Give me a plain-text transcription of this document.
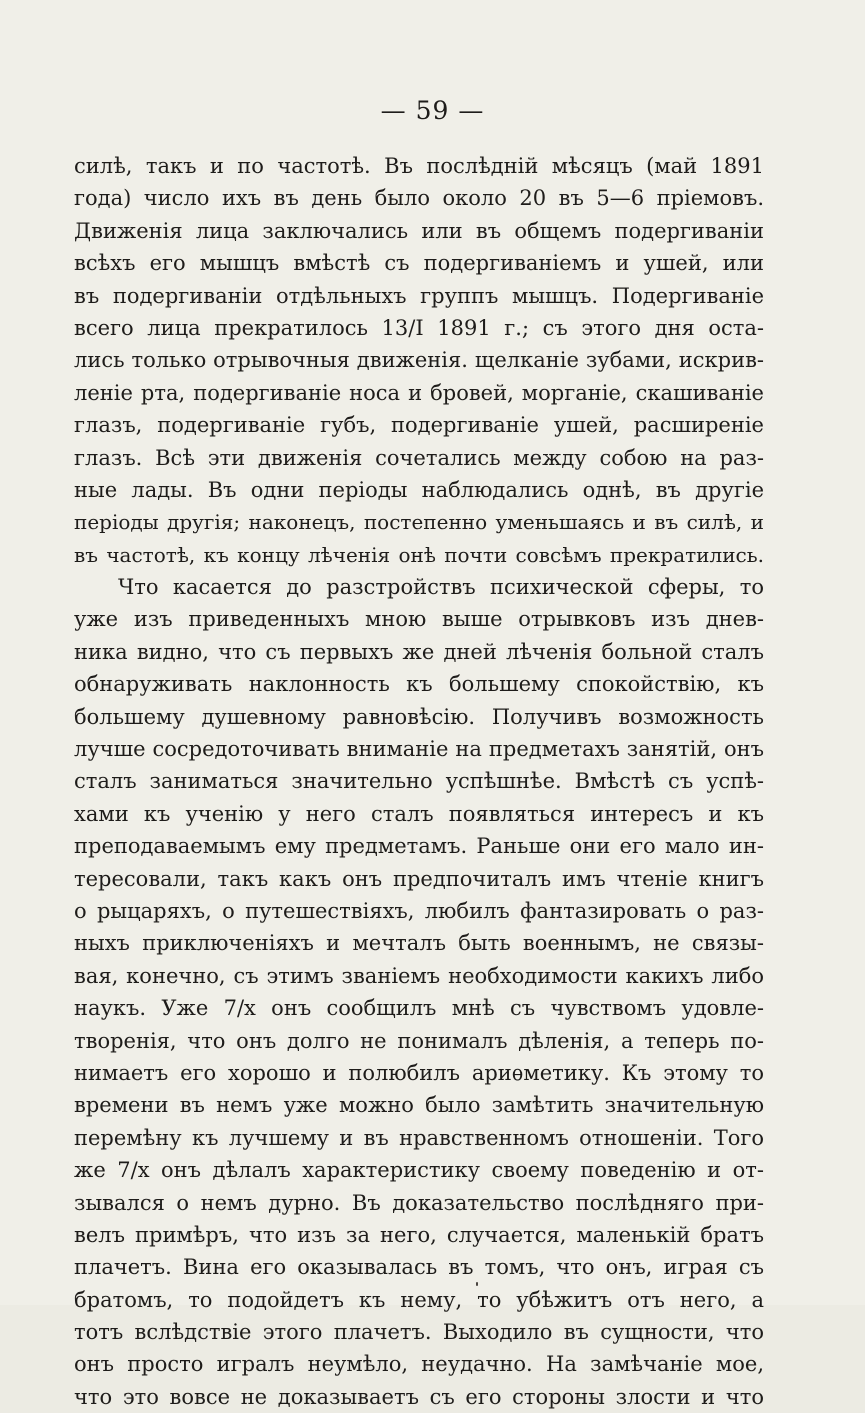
— 59 —
силѣ, такъ и по частотѣ. Въ послѣднiй мѣсяцъ (май 1891
года) число ихъ въ день было около 20 въ 5—6 прiемовъ.
Движенiя лица заключались или въ общемъ подергиванiи
всѣхъ его мышцъ вмѣстѣ съ подергиванiемъ и ушей, или
въ подергиванiи отдѣльныхъ группъ мышцъ. Подергиванiе
всего лица прекратилось 13/I 1891 г.; съ этого дня оста-
лись только отрывочныя движенiя. щелканiе зубами, искрив-
ленiе рта, подергиванiе носа и бровей, морганiе, скашиванiе
глазъ, подергиванiе губъ, подергиванiе ушей, расширенiе
глазъ. Всѣ эти движенiя сочетались между собою на раз-
ные лады. Въ одни перiоды наблюдались однѣ, въ другiе
перiоды другiя; наконецъ, постепенно уменьшаясь и въ силѣ, и
въ частотѣ, къ концу лѣченiя онѣ почти совсѣмъ прекратились.
Что касается до разстройствъ психической сферы, то
уже изъ приведенныхъ мною выше отрывковъ изъ днев-
ника видно, что съ первыхъ же дней лѣченiя больной сталъ
обнаруживать наклонность къ большему спокойствiю, къ
большему душевному равновѣсiю. Получивъ возможность
лучше сосредоточивать вниманiе на предметахъ занятiй, онъ
сталъ заниматься значительно успѣшнѣе. Вмѣстѣ съ успѣ-
хами къ ученiю у него сталъ появляться интересъ и къ
преподаваемымъ ему предметамъ. Раньше они его мало ин-
тересовали, такъ какъ онъ предпочиталъ имъ чтенiе книгъ
о рыцаряхъ, о путешествiяхъ, любилъ фантазировать о раз-
ныхъ приключенiяхъ и мечталъ быть военнымъ, не связы-
вая, конечно, съ этимъ званiемъ необходимости какихъ либо
наукъ. Уже 7/x онъ сообщилъ мнѣ съ чувствомъ удовле-
творенiя, что онъ долго не понималъ дѣленiя, а теперь по-
нимаетъ его хорошо и полюбилъ ариѳметику. Къ этому то
времени въ немъ уже можно было замѣтить значительную
перемѣну къ лучшему и въ нравственномъ отношенiи. Того
же 7/x онъ дѣлалъ характеристику своему поведенiю и от-
зывался о немъ дурно. Въ доказательство послѣдняго при-
велъ примѣръ, что изъ за него, случается, маленькiй братъ
плачетъ. Вина его оказывалась въ томъ, что онъ, играя съ
братомъ, то подойдетъ къ нему, то убѣжитъ отъ него, а
тотъ вслѣдствiе этого плачетъ. Выходило въ сущности, что
онъ просто игралъ неумѣло, неудачно. На замѣчанiе мое,
что это вовсе не доказываетъ съ его стороны злости и что
